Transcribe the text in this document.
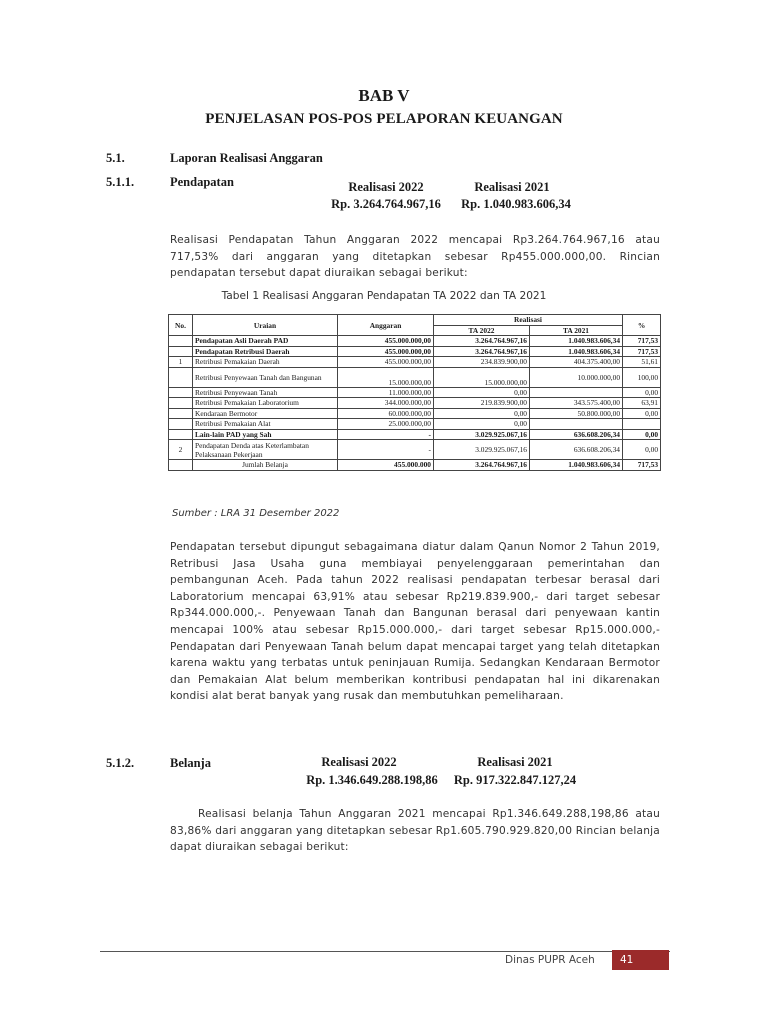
BAB V
PENJELASAN POS-POS PELAPORAN KEUANGAN
5.1.	Laporan Realisasi Anggaran
5.1.1.	Pendapatan	Realisasi 2022	Realisasi 2021
Rp. 3.264.764.967,16	Rp. 1.040.983.606,34
Realisasi Pendapatan Tahun Anggaran 2022 mencapai Rp3.264.764.967,16 atau 717,53% dari anggaran yang ditetapkan sebesar Rp455.000.000,00. Rincian pendapatan tersebut dapat diuraikan sebagai berikut:
Tabel 1 Realisasi Anggaran Pendapatan TA 2022 dan TA 2021
No.	Uraian	Anggaran	Realisasi		%
			TA 2022	TA 2021	
	Pendapatan Asli Daerah PAD	455.000.000,00	3.264.764.967,16	1.040.983.606,34	717,53
	Pendapatan Retribusi Daerah	455.000.000,00	3.264.764.967,16	1.040.983.606,34	717,53
1	Retribusi Pemakaian Daerah	455.000.000,00	234.839.900,00	404.375.400,00	51,61
	Retribusi Penyewaan Tanah dan Bangunan	15.000.000,00	15.000.000,00	10.000.000,00	100,00
	Retribusi Penyewaan Tanah	11.000.000,00	0,00		0,00
	Retribusi Pemakaian Laboratorium	344.000.000,00	219.839.900,00	343.575.400,00	63,91
	Kendaraan Bermotor	60.000.000,00	0,00	50.800.000,00	0,00
	Retribusi Pemakaian Alat	25.000.000,00	0,00		
	Lain-lain PAD yang Sah	-	3.029.925.067,16	636.608.206,34	0,00
2	Pendapatan Denda atas Keterlambatan Pelaksanaan Pekerjaan	-	3.029.925.067,16	636.608.206,34	0,00
	Jumlah Belanja	455.000.000	3.264.764.967,16	1.040.983.606,34	717,53
Sumber : LRA 31 Desember 2022
Pendapatan tersebut dipungut sebagaimana diatur dalam Qanun Nomor 2 Tahun 2019, Retribusi Jasa Usaha guna membiayai penyelenggaraan pemerintahan dan pembangunan Aceh. Pada tahun 2022 realisasi pendapatan terbesar berasal dari Laboratorium mencapai 63,91% atau sebesar Rp219.839.900,- dari target sebesar Rp344.000.000,-. Penyewaan Tanah dan Bangunan berasal dari penyewaan kantin mencapai 100% atau sebesar Rp15.000.000,- dari target sebesar Rp15.000.000,- Pendapatan dari Penyewaan Tanah belum dapat mencapai target yang telah ditetapkan karena waktu yang terbatas untuk peninjauan Rumija. Sedangkan Kendaraan Bermotor dan Pemakaian Alat belum memberikan kontribusi pendapatan hal ini dikarenakan kondisi alat berat banyak yang rusak dan membutuhkan pemeliharaan.
5.1.2.	Belanja	Realisasi 2022	Realisasi 2021
Rp. 1.346.649.288.198,86	Rp. 917.322.847.127,24
Realisasi belanja Tahun Anggaran 2021 mencapai Rp1.346.649.288,198,86 atau 83,86% dari anggaran yang ditetapkan sebesar Rp1.605.790.929.820,00 Rincian belanja dapat diuraikan sebagai berikut:
Dinas PUPR Aceh	41
